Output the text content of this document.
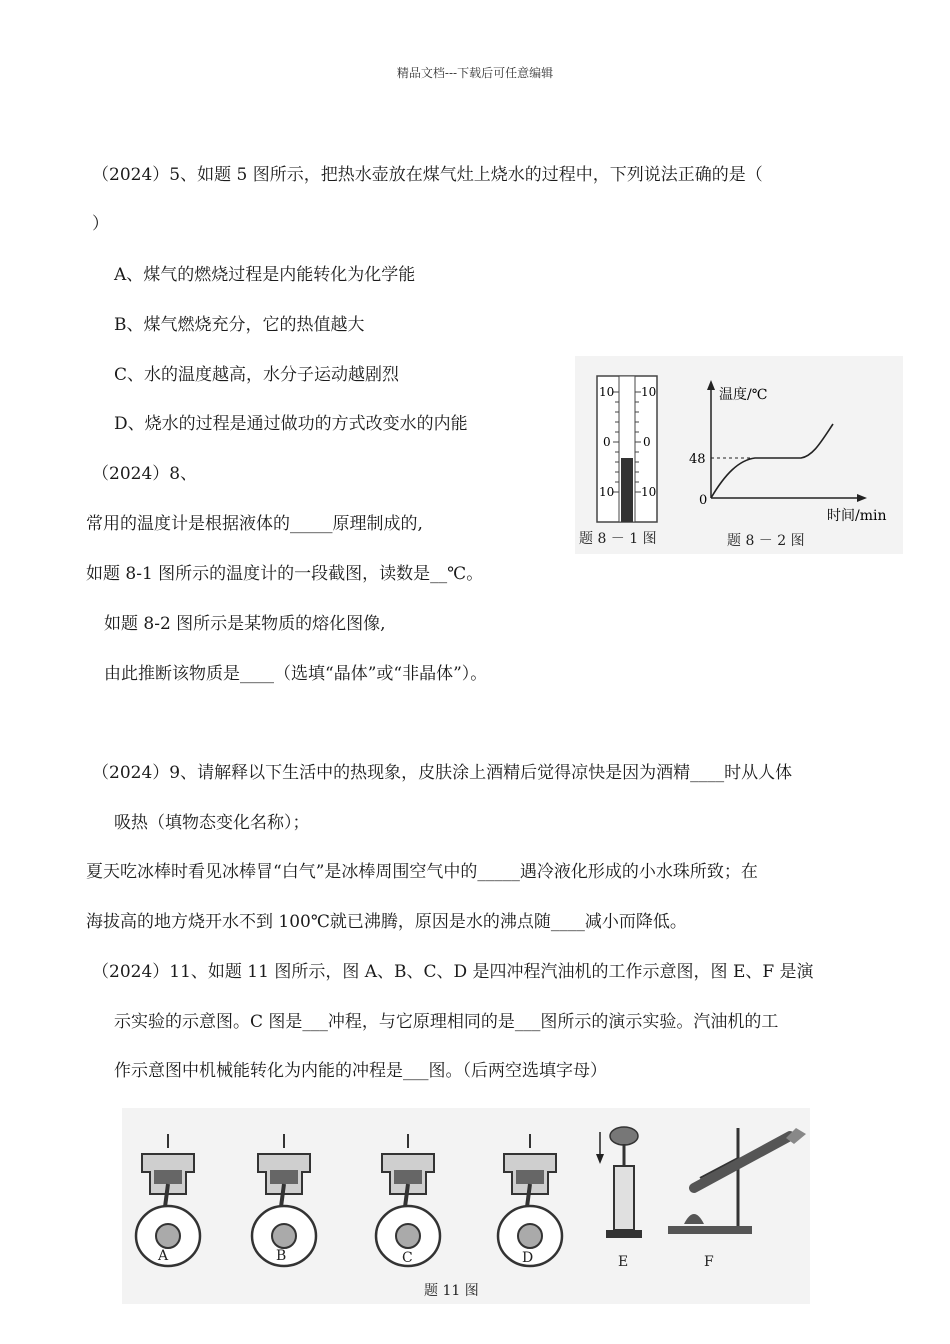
精品文档---下载后可任意编辑
（2024）5、如题 5 图所示，把热水壶放在煤气灶上烧水的过程中，下列说法正确的是（
）
A、煤气的燃烧过程是内能转化为化学能
B、煤气燃烧充分，它的热值越大
C、水的温度越高，水分子运动越剧烈
D、烧水的过程是通过做功的方式改变水的内能
（2024）8、
常用的温度计是根据液体的_____原理制成的,
如题 8-1 图所示的温度计的一段截图，读数是__℃。
如题 8-2 图所示是某物质的熔化图像,
由此推断该物质是____（选填“晶体”或“非晶体”）。
10
0
10
10
0
10
温度/℃
48
0
时间/min
题 8 － 1 图	题 8 － 2 图
（2024）9、请解释以下生活中的热现象，皮肤涂上酒精后觉得凉快是因为酒精____时从人体
吸热（填物态变化名称）；
夏天吃冰棒时看见冰棒冒“白气”是冰棒周围空气中的_____遇冷液化形成的小水珠所致；在
海拔高的地方烧开水不到 100℃就已沸腾，原因是水的沸点随____减小而降低。
（2024）11、如题 11 图所示，图 A、B、C、D 是四冲程汽油机的工作示意图，图 E、F 是演
示实验的示意图。C 图是___冲程，与它原理相同的是___图所示的演示实验。汽油机的工
作示意图中机械能转化为内能的冲程是___图。（后两空选填字母）
A	B	C	D	E	F
题 11 图
